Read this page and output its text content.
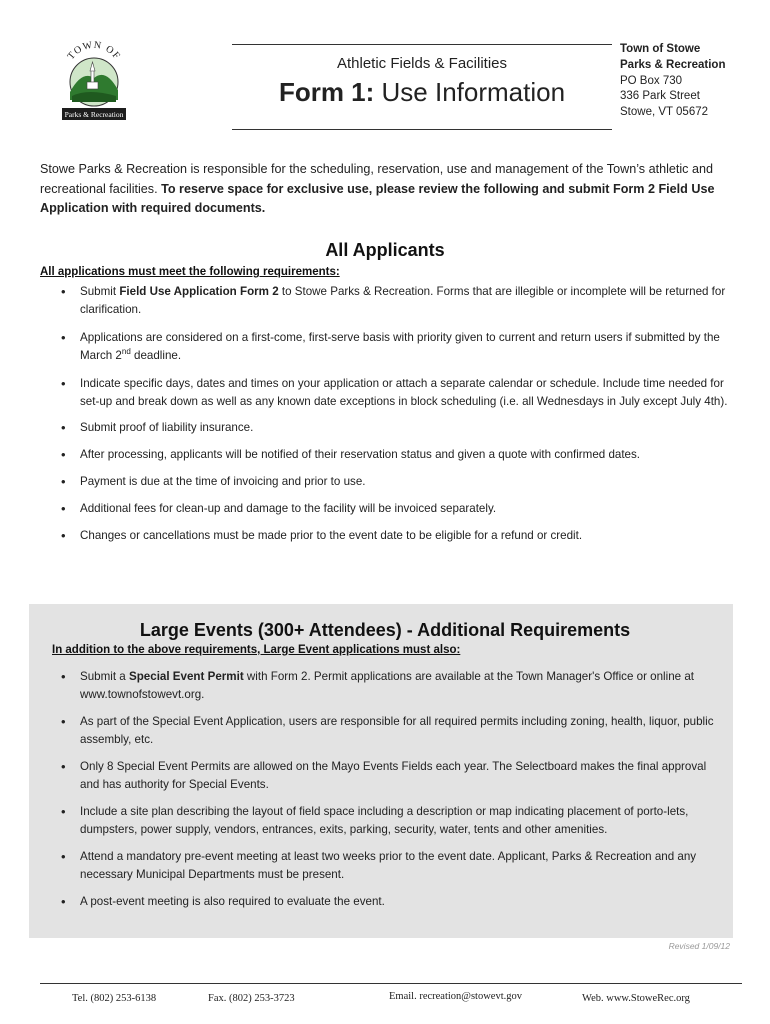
TOWN OF
Parks & Recreation
Athletic Fields & Facilities
Form 1: Use Information
Town of Stowe
Parks & Recreation
PO Box 730
336 Park Street
Stowe, VT 05672
Stowe Parks & Recreation is responsible for the scheduling, reservation, use and management of the Town’s athletic and recreational facilities. To reserve space for exclusive use, please review the following and submit Form 2 Field Use Application with required documents.
All Applicants
All applications must meet the following requirements:
• Submit Field Use Application Form 2 to Stowe Parks & Recreation. Forms that are illegible or incomplete will be returned for clarification.
• Applications are considered on a first-come, first-serve basis with priority given to current and return users if submitted by the March 2nd deadline.
• Indicate specific days, dates and times on your application or attach a separate calendar or schedule. Include time needed for set-up and break down as well as any known date exceptions in block scheduling (i.e. all Wednesdays in July except July 4th).
• Submit proof of liability insurance.
• After processing, applicants will be notified of their reservation status and given a quote with confirmed dates.
• Payment is due at the time of invoicing and prior to use.
• Additional fees for clean-up and damage to the facility will be invoiced separately.
• Changes or cancellations must be made prior to the event date to be eligible for a refund or credit.
Large Events (300+ Attendees) - Additional Requirements
In addition to the above requirements, Large Event applications must also:
• Submit a Special Event Permit with Form 2. Permit applications are available at the Town Manager's Office or online at www.townofstowevt.org.
• As part of the Special Event Application, users are responsible for all required permits including zoning, health, liquor, public assembly, etc.
• Only 8 Special Event Permits are allowed on the Mayo Events Fields each year. The Selectboard makes the final approval and has authority for Special Events.
• Include a site plan describing the layout of field space including a description or map indicating placement of porto-lets, dumpsters, power supply, vendors, entrances, exits, parking, security, water, tents and other amenities.
• Attend a mandatory pre-event meeting at least two weeks prior to the event date. Applicant, Parks & Recreation and any necessary Municipal Departments must be present.
• A post-event meeting is also required to evaluate the event.
Revised 1/09/12
Tel. (802) 253-6138	Fax. (802) 253-3723	Email. recreation@stowevt.gov	Web. www.StoweRec.org
